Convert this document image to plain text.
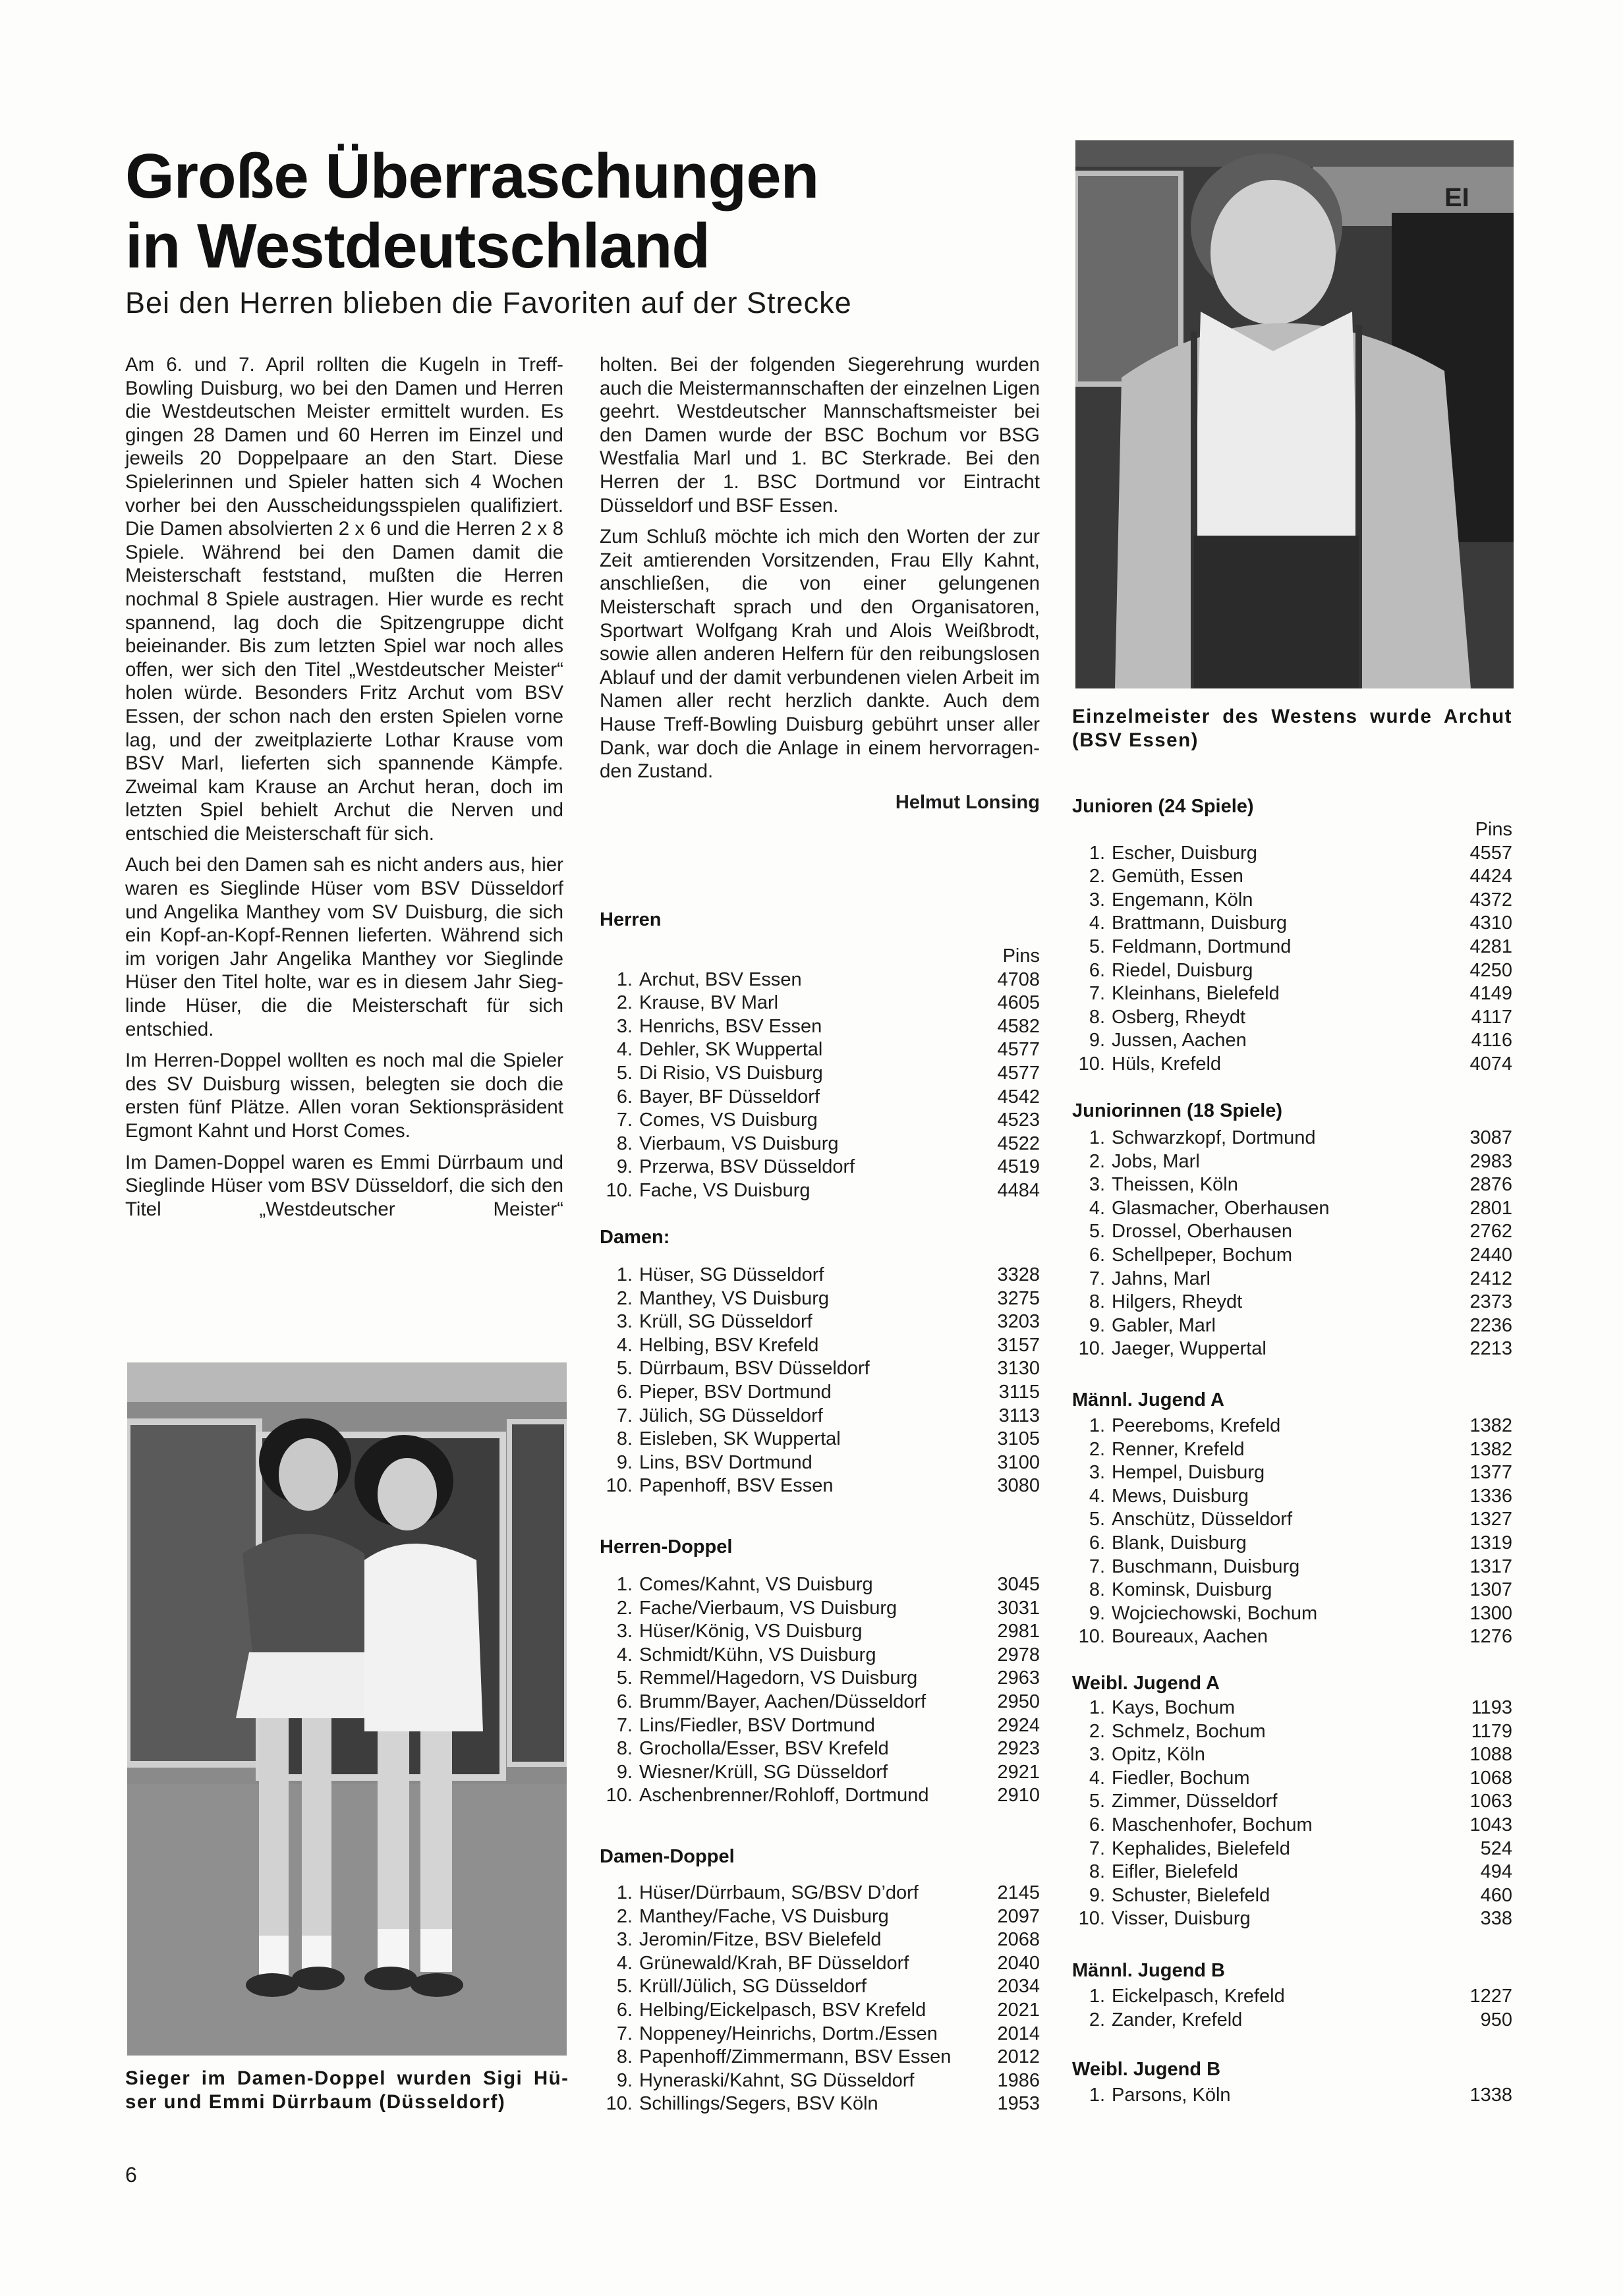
Große Überraschungen
in Westdeutschland
Bei den Herren blieben die Favoriten auf der Strecke

Am 6. und 7. April rollten die Kugeln in Treff-Bowling Duisburg, wo bei den Damen und Herren die Westdeutschen Meister ermittelt wurden. Es gingen 28 Damen und 60 Herren im Einzel und jeweils 20 Doppelpaare an den Start. Diese Spielerinnen und Spieler hatten sich 4 Wochen vorher bei den Ausscheidungsspielen qualifiziert. Die Damen absolvierten 2 x 6 und die Herren 2 x 8 Spiele. Während bei den Damen damit die Meisterschaft feststand, mußten die Herren nochmal 8 Spiele austragen. Hier wurde es recht spannend, lag doch die Spitzengruppe dicht beieinander. Bis zum letzten Spiel war noch alles offen, wer sich den Titel „Westdeutscher Meister“ holen würde. Besonders Fritz Archut vom BSV Essen, der schon nach den ersten Spielen vorne lag, und der zweitplazierte Lothar Krause vom BSV Marl, lieferten sich spannende Kämpfe. Zweimal kam Krause an Archut heran, doch im letzten Spiel behielt Archut die Nerven und entschied die Meisterschaft für sich.

Auch bei den Damen sah es nicht anders aus, hier waren es Sieglinde Hüser vom BSV Düsseldorf und Angelika Manthey vom SV Duisburg, die sich ein Kopf-an-Kopf-Rennen lieferten. Während sich im vorigen Jahr Angelika Manthey vor Sieglinde Hüser den Titel holte, war es in diesem Jahr Sieglinde Hüser, die die Meisterschaft für sich entschied.

Im Herren-Doppel wollten es noch mal die Spieler des SV Duisburg wissen, belegten sie doch die ersten fünf Plätze. Allen voran Sektionspräsident Egmont Kahnt und Horst Comes.

Im Damen-Doppel waren es Emmi Dürrbaum und Sieglinde Hüser vom BSV Düsseldorf, die sich den Titel „Westdeutscher Meister“

Sieger im Damen-Doppel wurden Sigi Hüser und Emmi Dürrbaum (Düsseldorf)

holten. Bei der folgenden Siegerehrung wurden auch die Meistermannschaften der einzelnen Ligen geehrt. Westdeutscher Mannschaftsmeister bei den Damen wurde der BSC Bochum vor BSG Westfalia Marl und 1. BC Sterkrade. Bei den Herren der 1. BSC Dortmund vor Eintracht Düsseldorf und BSF Essen.

Zum Schluß möchte ich mich den Worten der zur Zeit amtierenden Vorsitzenden, Frau Elly Kahnt, anschließen, die von einer gelungenen Meisterschaft sprach und den Organisatoren, Sportwart Wolfgang Krah und Alois Weißbrodt, sowie allen anderen Helfern für den reibungslosen Ablauf und der damit verbundenen vielen Arbeit im Namen aller recht herzlich dankte. Auch dem Hause Treff-Bowling Duisburg gebührt unser aller Dank, war doch die Anlage in einem hervorragenden Zustand.

Helmut Lonsing

Herren
Pins
1. Archut, BSV Essen	4708
2. Krause, BV Marl	4605
3. Henrichs, BSV Essen	4582
4. Dehler, SK Wuppertal	4577
5. Di Risio, VS Duisburg	4577
6. Bayer, BF Düsseldorf	4542
7. Comes, VS Duisburg	4523
8. Vierbaum, VS Duisburg	4522
9. Przerwa, BSV Düsseldorf	4519
10. Fache, VS Duisburg	4484
Damen:
1. Hüser, SG Düsseldorf	3328
2. Manthey, VS Duisburg	3275
3. Krüll, SG Düsseldorf	3203
4. Helbing, BSV Krefeld	3157
5. Dürrbaum, BSV Düsseldorf	3130
6. Pieper, BSV Dortmund	3115
7. Jülich, SG Düsseldorf	3113
8. Eisleben, SK Wuppertal	3105
9. Lins, BSV Dortmund	3100
10. Papenhoff, BSV Essen	3080
Herren-Doppel
1. Comes/Kahnt, VS Duisburg	3045
2. Fache/Vierbaum, VS Duisburg	3031
3. Hüser/König, VS Duisburg	2981
4. Schmidt/Kühn, VS Duisburg	2978
5. Remmel/Hagedorn, VS Duisburg	2963
6. Brumm/Bayer, Aachen/Düsseldorf	2950
7. Lins/Fiedler, BSV Dortmund	2924
8. Grocholla/Esser, BSV Krefeld	2923
9. Wiesner/Krüll, SG Düsseldorf	2921
10. Aschenbrenner/Rohloff, Dortmund	2910
Damen-Doppel
1. Hüser/Dürrbaum, SG/BSV D’dorf	2145
2. Manthey/Fache, VS Duisburg	2097
3. Jeromin/Fitze, BSV Bielefeld	2068
4. Grünewald/Krah, BF Düsseldorf	2040
5. Krüll/Jülich, SG Düsseldorf	2034
6. Helbing/Eickelpasch, BSV Krefeld	2021
7. Noppeney/Heinrichs, Dortm./Essen	2014
8. Papenhoff/Zimmermann, BSV Essen	2012
9. Hyneraski/Kahnt, SG Düsseldorf	1986
10. Schillings/Segers, BSV Köln	1953
EI
Einzelmeister des Westens wurde Archut (BSV Essen)
Junioren (24 Spiele)
Pins
1. Escher, Duisburg	4557
2. Gemüth, Essen	4424
3. Engemann, Köln	4372
4. Brattmann, Duisburg	4310
5. Feldmann, Dortmund	4281
6. Riedel, Duisburg	4250
7. Kleinhans, Bielefeld	4149
8. Osberg, Rheydt	4117
9. Jussen, Aachen	4116
10. Hüls, Krefeld	4074
Juniorinnen (18 Spiele)
1. Schwarzkopf, Dortmund	3087
2. Jobs, Marl	2983
3. Theissen, Köln	2876
4. Glasmacher, Oberhausen	2801
5. Drossel, Oberhausen	2762
6. Schellpeper, Bochum	2440
7. Jahns, Marl	2412
8. Hilgers, Rheydt	2373
9. Gabler, Marl	2236
10. Jaeger, Wuppertal	2213
Männl. Jugend A
1. Peereboms, Krefeld	1382
2. Renner, Krefeld	1382
3. Hempel, Duisburg	1377
4. Mews, Duisburg	1336
5. Anschütz, Düsseldorf	1327
6. Blank, Duisburg	1319
7. Buschmann, Duisburg	1317
8. Kominsk, Duisburg	1307
9. Wojciechowski, Bochum	1300
10. Boureaux, Aachen	1276
Weibl. Jugend A
1. Kays, Bochum	1193
2. Schmelz, Bochum	1179
3. Opitz, Köln	1088
4. Fiedler, Bochum	1068
5. Zimmer, Düsseldorf	1063
6. Maschenhofer, Bochum	1043
7. Kephalides, Bielefeld	524
8. Eifler, Bielefeld	494
9. Schuster, Bielefeld	460
10. Visser, Duisburg	338
Männl. Jugend B
1. Eickelpasch, Krefeld	1227
2. Zander, Krefeld	950
Weibl. Jugend B
1. Parsons, Köln	1338
6
